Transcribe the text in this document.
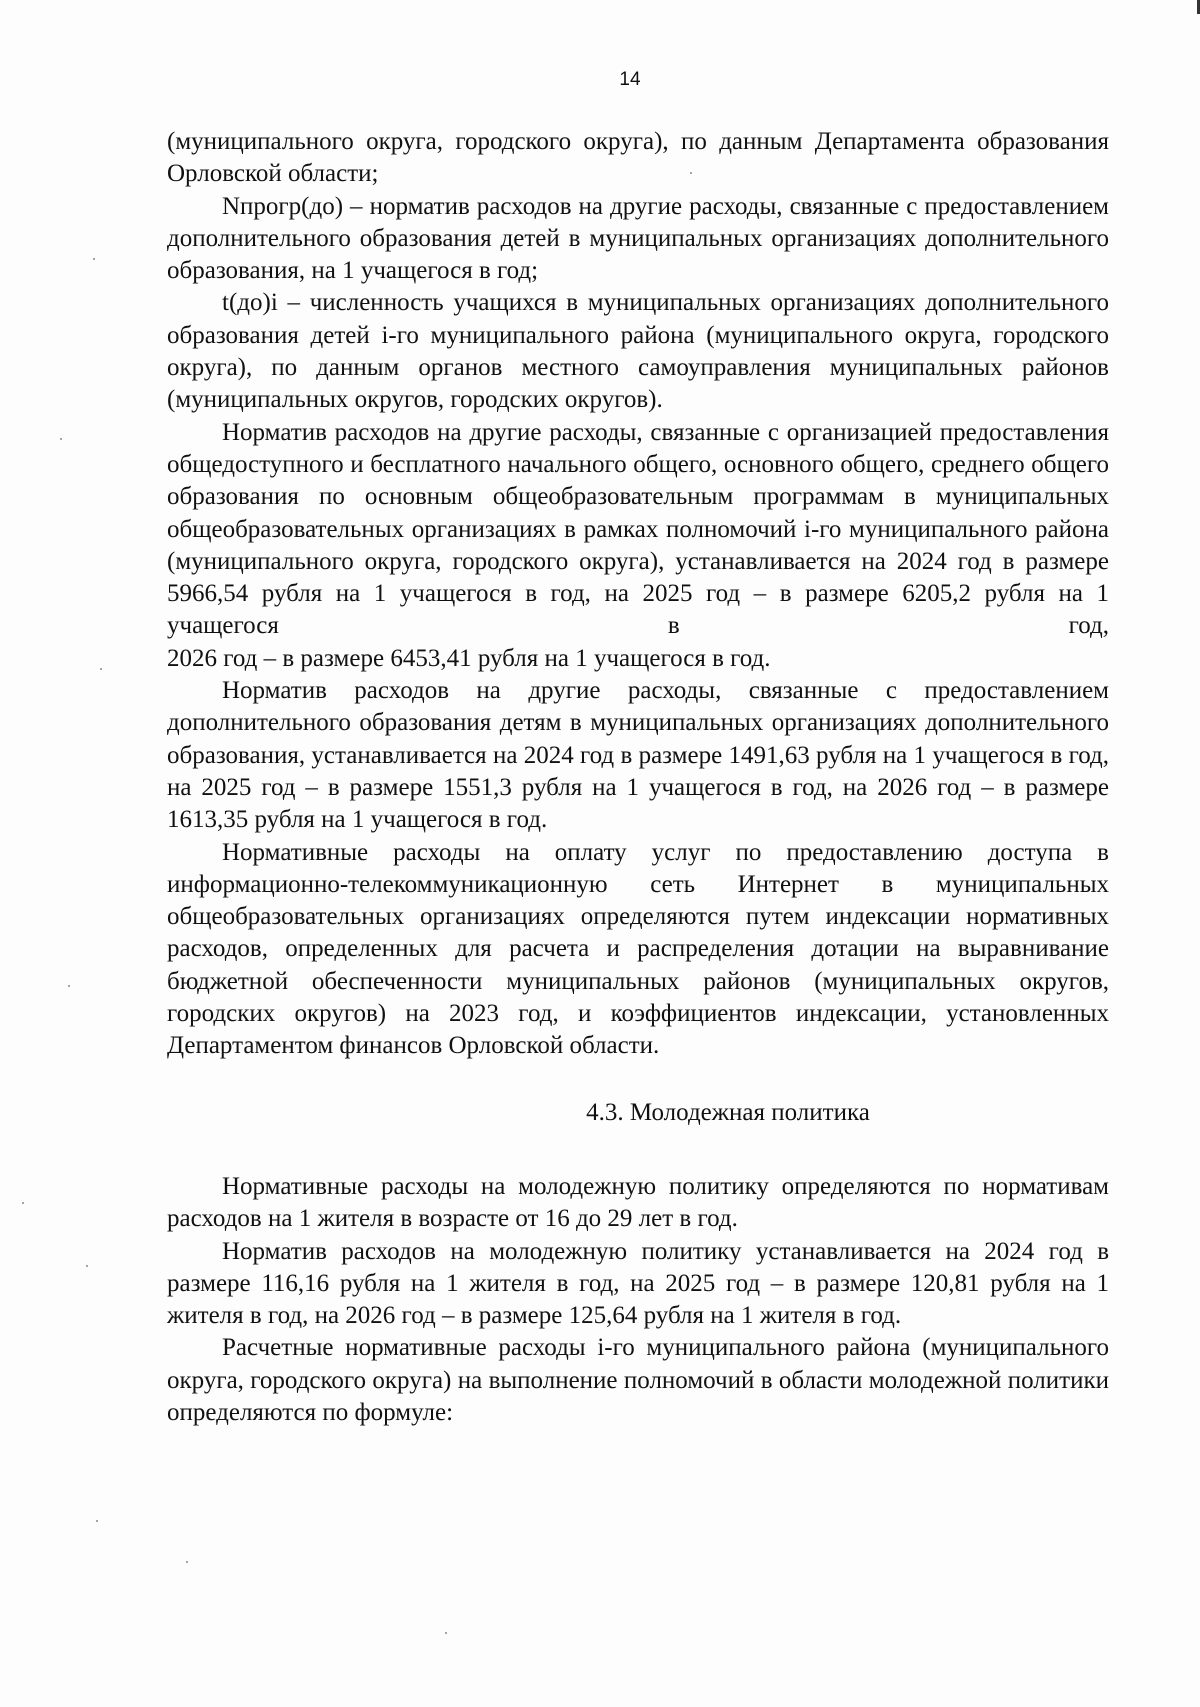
14

(муниципального округа, городского округа), по данным Департамента образования Орловской области;

Nпрогр(до) – норматив расходов на другие расходы, связанные с предоставлением дополнительного образования детей в муниципальных организациях дополнительного образования, на 1 учащегося в год;

t(до)i – численность учащихся в муниципальных организациях дополнительного образования детей i-го муниципального района (муниципального округа, городского округа), по данным органов местного самоуправления муниципальных районов (муниципальных округов, городских округов).

Норматив расходов на другие расходы, связанные с организацией предоставления общедоступного и бесплатного начального общего, основного общего, среднего общего образования по основным общеобразовательным программам в муниципальных общеобразовательных организациях в рамках полномочий i-го муниципального района (муниципального округа, городского округа), устанавливается на 2024 год в размере 5966,54 рубля на 1 учащегося в год, на 2025 год – в размере 6205,2 рубля на 1 учащегося в год,

2026 год – в размере 6453,41 рубля на 1 учащегося в год.

Норматив расходов на другие расходы, связанные с предоставлением дополнительного образования детям в муниципальных организациях дополнительного образования, устанавливается на 2024 год в размере 1491,63 рубля на 1 учащегося в год, на 2025 год – в размере 1551,3 рубля на 1 учащегося в год, на 2026 год – в размере 1613,35 рубля на 1 учащегося в год.

Нормативные расходы на оплату услуг по предоставлению доступа в информационно-телекоммуникационную сеть Интернет в муниципальных общеобразовательных организациях определяются путем индексации нормативных расходов, определенных для расчета и распределения дотации на выравнивание бюджетной обеспеченности муниципальных районов (муниципальных округов, городских округов) на 2023 год, и коэффициентов индексации, установленных Департаментом финансов Орловской области.

4.3. Молодежная политика

Нормативные расходы на молодежную политику определяются по нормативам расходов на 1 жителя в возрасте от 16 до 29 лет в год.

Норматив расходов на молодежную политику устанавливается на 2024 год в размере 116,16 рубля на 1 жителя в год, на 2025 год – в размере 120,81 рубля на 1 жителя в год, на 2026 год – в размере 125,64 рубля на 1 жителя в год.

Расчетные нормативные расходы i-го муниципального района (муниципального округа, городского округа) на выполнение полномочий в области молодежной политики определяются по формуле:
